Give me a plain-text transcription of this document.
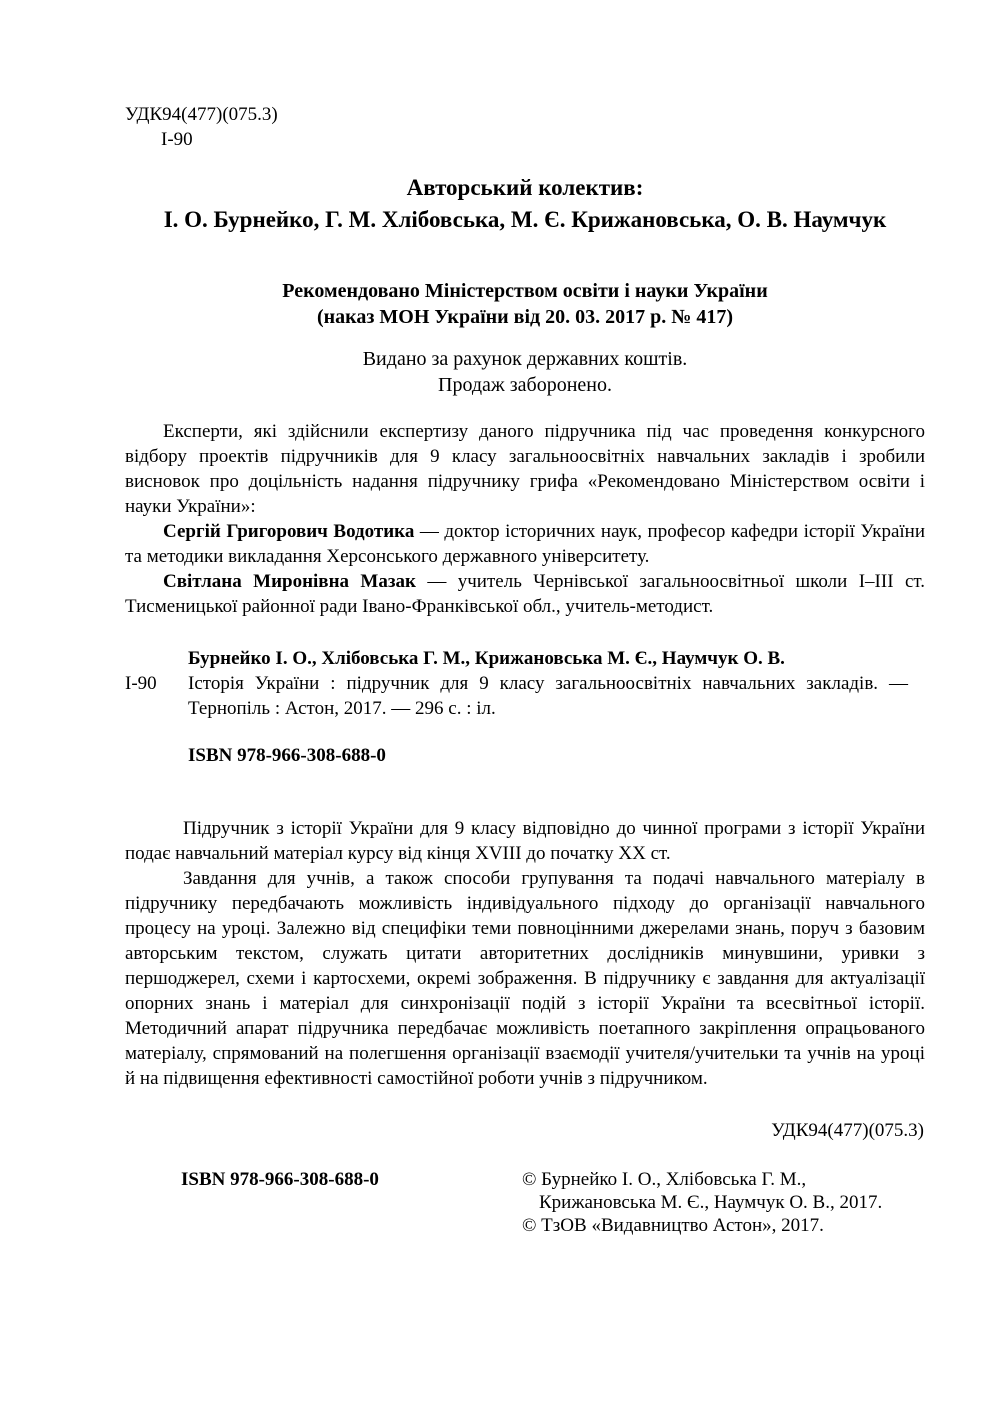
УДК94(477)(075.3)
І-90
Авторський колектив:
І. О. Бурнейко, Г. М. Хлібовська, М. Є. Крижановська, О. В. Наумчук
Рекомендовано Міністерством освіти і науки України
(наказ МОН України від 20. 03. 2017 р. № 417)
Видано за рахунок державних коштів.
Продаж заборонено.

Експерти, які здійснили експертизу даного підручника під час проведення конкурсного відбору проектів підручників для 9 класу загальноосвітніх навчальних закладів і зробили висновок про доцільність надання підручнику грифа «Рекомендовано Міністерством освіти і науки України»:

Сергій Григорович Водотика — доктор історичних наук, професор кафедри історії України та методики викладання Херсонського державного університету.

Світлана Миронівна Мазак — учитель Чернівської загальноосвітньої школи І–ІІІ ст. Тисменицької районної ради Івано-Франківської обл., учитель-методист.

Бурнейко І. О., Хлібовська Г. М., Крижановська М. Є., Наумчук О. В.
І-90 Історія України : підручник для 9 класу загальноосвітніх навчальних закладів. — Тернопіль : Астон, 2017. — 296 с. : іл.
ISBN 978-966-308-688-0

Підручник з історії України для 9 класу відповідно до чинної програми з історії України подає навчальний матеріал курсу від кінця XVIII до початку XX ст.

Завдання для учнів, а також способи групування та подачі навчального матеріалу в підручнику передбачають можливість індивідуального підходу до організації навчального процесу на уроці. Залежно від специфіки теми повноцінними джерелами знань, поруч з базовим авторським текстом, служать цитати авторитетних дослідників минувшини, уривки з першоджерел, схеми і картосхеми, окремі зображення. В підручнику є завдання для актуалізації опорних знань і матеріал для синхронізації подій з історії України та всесвітньої історії. Методичний апарат підручника передбачає можливість поетапного закріплення опрацьованого матеріалу, спрямований на полегшення організації взаємодії учителя/учительки та учнів на уроці й на підвищення ефективності самостійної роботи учнів з підручником.

УДК94(477)(075.3)
ISBN 978-966-308-688-0	© Бурнейко І. О., Хлібовська Г. М.,
Крижановська М. Є., Наумчук О. В., 2017.
© ТзОВ «Видавництво Астон», 2017.
